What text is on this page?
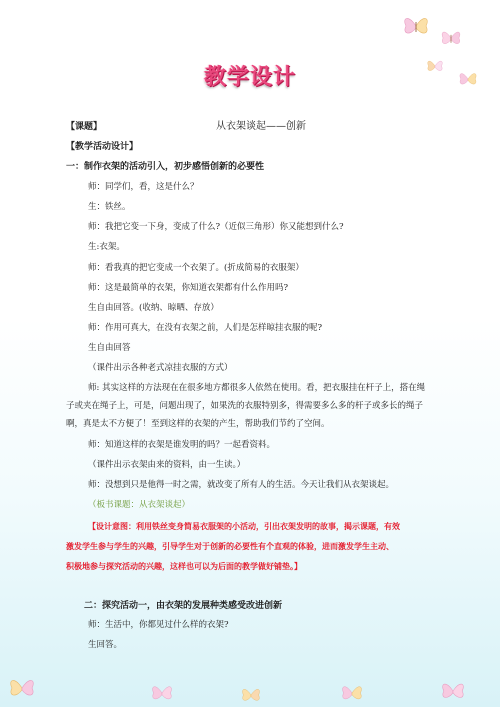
教学设计
【课题】	从衣架谈起——创新
【教学活动设计】
一：制作衣架的活动引入，初步感悟创新的必要性
师：同学们，看，这是什么？
生：铁丝。
师：我把它变一下身，变成了什么?（近似三角形）你又能想到什么?
生:衣架。
师：看我真的把它变成一个衣架了。(折成简易的衣服架）
师：这是最简单的衣架，你知道衣架都有什么作用吗?
生自由回答。(收纳、晾晒、存放）
师：作用可真大，在没有衣架之前，人们是怎样晾挂衣服的呢?
生自由回答
（课件出示各种老式凉挂衣服的方式）
师: 其实这样的方法现在在很多地方都很多人依然在使用。看，把衣服挂在杆子上，搭在绳
子或夹在绳子上，可是，问题出现了，如果洗的衣服特别多，得需要多么多的杆子或多长的绳子
啊，真是太不方便了！至到这样的衣架的产生，帮助我们节约了空间。
师：知道这样的衣架是谁发明的吗？一起看资料。
（课件出示衣架由来的资料，由一生读。）
师：没想到只是他得一时之需，就改变了所有人的生活。今天让我们从衣架谈起。
（板书课题：从衣架谈起）
【设计意图：利用铁丝变身简易衣服架的小活动，引出衣架发明的故事，揭示课题，有效
激发学生参与学生的兴趣，引导学生对于创新的必要性有个直观的体验，进而激发学生主动、
积极地参与探究活动的兴趣，这样也可以为后面的教学做好铺垫。】
二：探究活动一，由衣架的发展种类感受改进创新
师：生活中，你都见过什么样的衣架?
生回答。
